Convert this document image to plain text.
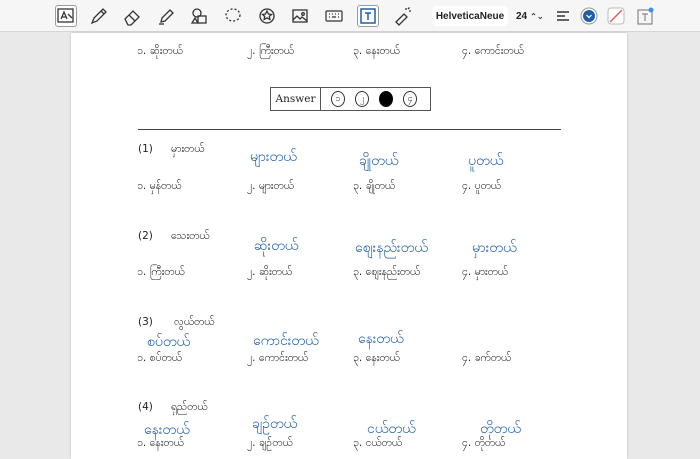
HelveticaNeue	24 ⌃⌄
၁. ဆိုးတယ်	၂. ကြီးတယ်	၃. နေးတယ်	၄. ကောင်းတယ်
Answer	၁	၂	၃	၄
(1) မှားတယ်	များတယ်	ချိုတယ်	ပူတယ်
၁. မှန်တယ်	၂. များတယ်	၃. ချိုတယ်	၄. ပူတယ်
(2) သေးတယ်
ဆိုးတယ်	စျေးနည်းတယ်	မှားတယ်
၁. ကြီးတယ်	၂. ဆိုးတယ်	၃. စျေးနည်းတယ်	၄. မှားတယ်
(3) လွယ်တယ်
စပ်တယ်	ကောင်းတယ်	နေးတယ်
၁. စပ်တယ်	၂. ကောင်းတယ်	၃. နေးတယ်	၄. ခက်တယ်
(4) ရှည်တယ်
နေးတယ်	ချဉ်တယ်	ငယ်တယ်	တိုတယ်
၁. နေးတယ်	၂. ချဉ်တယ်	၃. ငယ်တယ်	၄. တိုတယ်
